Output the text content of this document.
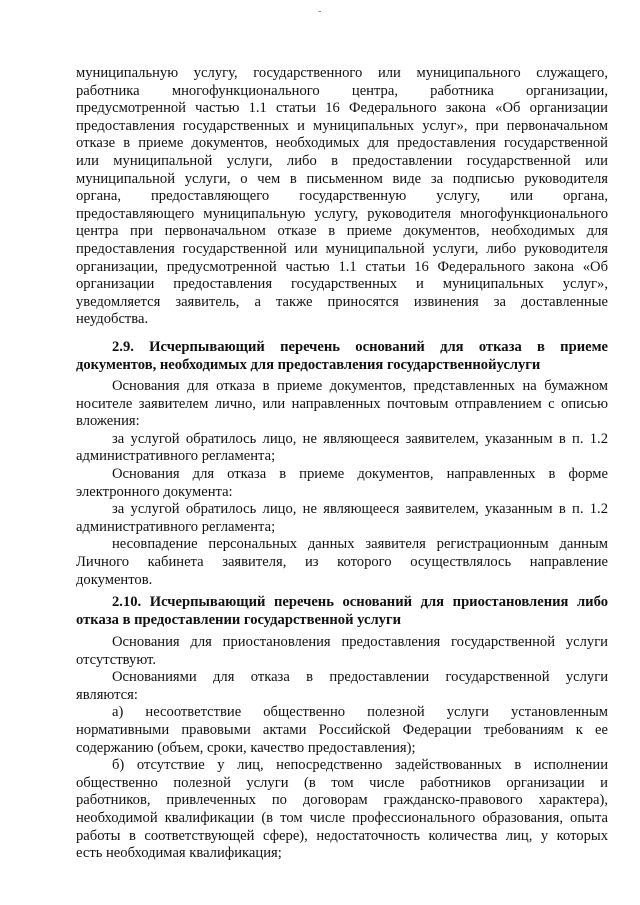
-

муниципальную услугу, государственного или муниципального служащего,

работника многофункционального центра, работника организации,

предусмотренной частью 1.1 статьи 16 Федерального закона «Об организации

предоставления государственных и муниципальных услуг», при первоначальном

отказе в приеме документов, необходимых для предоставления государственной

или муниципальной услуги, либо в предоставлении государственной или

муниципальной услуги, о чем в письменном виде за подписью руководителя

органа, предоставляющего государственную услугу, или органа,

предоставляющего муниципальную услугу, руководителя многофункционального

центра при первоначальном отказе в приеме документов, необходимых для

предоставления государственной или муниципальной услуги, либо руководителя

организации, предусмотренной частью 1.1 статьи 16 Федерального закона «Об

организации предоставления государственных и муниципальных услуг»,

уведомляется заявитель, а также приносятся извинения за доставленные

неудобства.

2.9. Исчерпывающий перечень оснований для отказа в приеме

документов, необходимых для предоставления государственнойуслуги

Основания для отказа в приеме документов, представленных на бумажном

носителе заявителем лично, или направленных почтовым отправлением с описью

вложения:

за услугой обратилось лицо, не являющееся заявителем, указанным в п. 1.2

административного регламента;

Основания для отказа в приеме документов, направленных в форме

электронного документа:

за услугой обратилось лицо, не являющееся заявителем, указанным в п. 1.2

административного регламента;

несовпадение персональных данных заявителя регистрационным данным

Личного кабинета заявителя, из которого осуществлялось направление

документов.

2.10. Исчерпывающий перечень оснований для приостановления либо

отказа в предоставлении государственной услуги

Основания для приостановления предоставления государственной услуги

отсутствуют.

Основаниями для отказа в предоставлении государственной услуги

являются:

а) несоответствие общественно полезной услуги установленным

нормативными правовыми актами Российской Федерации требованиям к ее

содержанию (объем, сроки, качество предоставления);

б) отсутствие у лиц, непосредственно задействованных в исполнении

общественно полезной услуги (в том числе работников организации и

работников, привлеченных по договорам гражданско-правового характера),

необходимой квалификации (в том числе профессионального образования, опыта

работы в соответствующей сфере), недостаточность количества лиц, у которых

есть необходимая квалификация;
